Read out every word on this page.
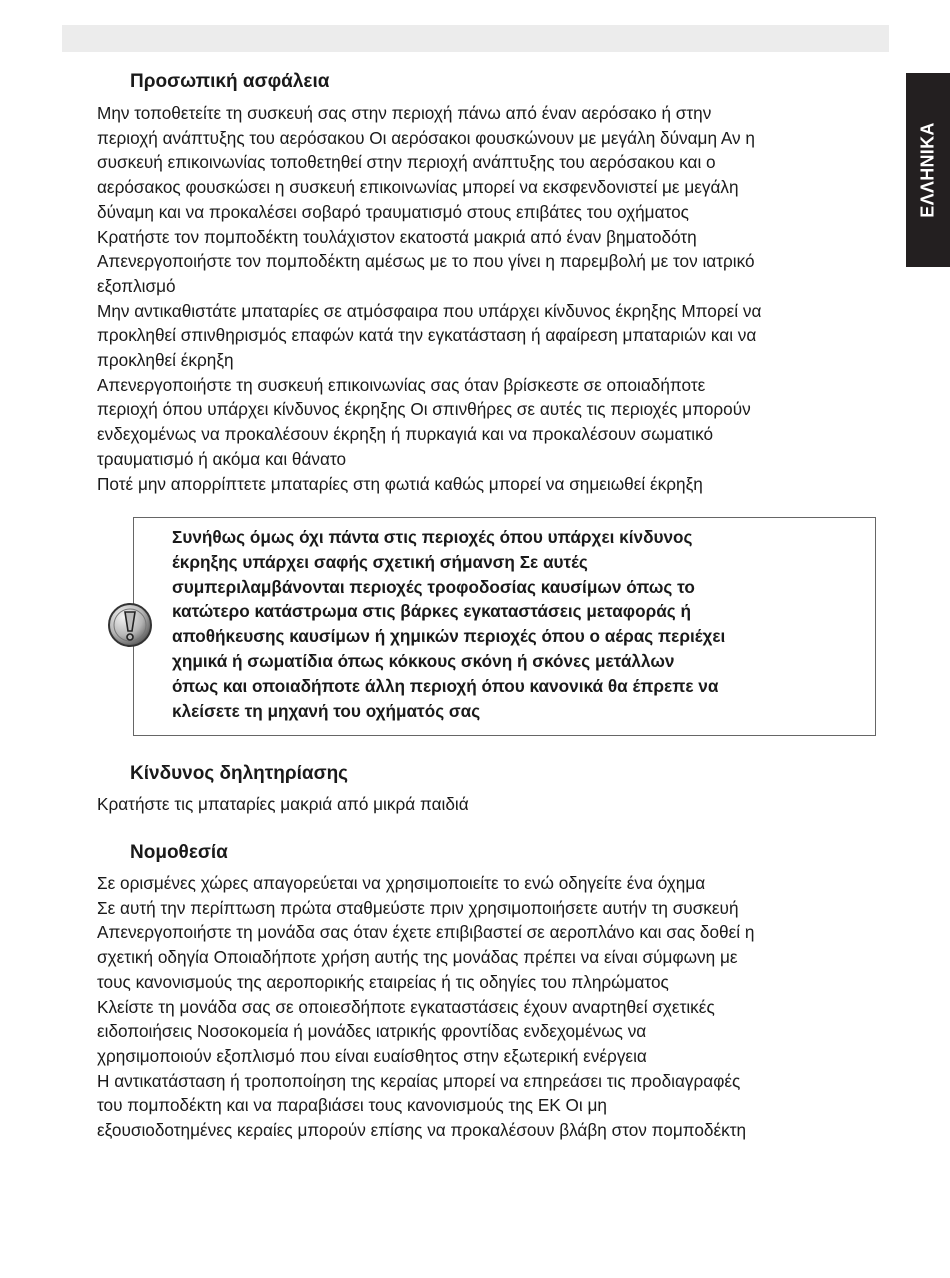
ΕΛΛΗΝΙΚΑ
Προσωπική ασφάλεια
Μην τοποθετείτε τη συσκευή σας στην περιοχή πάνω από έναν αερόσακο ή στην
περιοχή ανάπτυξης του αερόσακου Οι αερόσακοι φουσκώνουν με μεγάλη δύναμη Αν η
συσκευή επικοινωνίας τοποθετηθεί στην περιοχή ανάπτυξης του αερόσακου και ο
αερόσακος φουσκώσει η συσκευή επικοινωνίας μπορεί να εκσφενδονιστεί με μεγάλη
δύναμη και να προκαλέσει σοβαρό τραυματισμό στους επιβάτες του οχήματος
Κρατήστε τον πομποδέκτη τουλάχιστον εκατοστά μακριά από έναν βηματοδότη
Απενεργοποιήστε τον πομποδέκτη αμέσως με το που γίνει η παρεμβολή με τον ιατρικό
εξοπλισμό
Μην αντικαθιστάτε μπαταρίες σε ατμόσφαιρα που υπάρχει κίνδυνος έκρηξης Μπορεί να
προκληθεί σπινθηρισμός επαφών κατά την εγκατάσταση ή αφαίρεση μπαταριών και να
προκληθεί έκρηξη
Απενεργοποιήστε τη συσκευή επικοινωνίας σας όταν βρίσκεστε σε οποιαδήποτε
περιοχή όπου υπάρχει κίνδυνος έκρηξης Οι σπινθήρες σε αυτές τις περιοχές μπορούν
ενδεχομένως να προκαλέσουν έκρηξη ή πυρκαγιά και να προκαλέσουν σωματικό
τραυματισμό ή ακόμα και θάνατο
Ποτέ μην απορρίπτετε μπαταρίες στη φωτιά καθώς μπορεί να σημειωθεί έκρηξη
Συνήθως όμως όχι πάντα στις περιοχές όπου υπάρχει κίνδυνος
έκρηξης υπάρχει σαφής σχετική σήμανση Σε αυτές
συμπεριλαμβάνονται περιοχές τροφοδοσίας καυσίμων όπως το
κατώτερο κατάστρωμα στις βάρκες εγκαταστάσεις μεταφοράς ή
αποθήκευσης καυσίμων ή χημικών περιοχές όπου ο αέρας περιέχει
χημικά ή σωματίδια όπως κόκκους σκόνη ή σκόνες μετάλλων
όπως και οποιαδήποτε άλλη περιοχή όπου κανονικά θα έπρεπε να
κλείσετε τη μηχανή του οχήματός σας
Κίνδυνος δηλητηρίασης
Κρατήστε τις μπαταρίες μακριά από μικρά παιδιά
Νομοθεσία
Σε ορισμένες χώρες απαγορεύεται να χρησιμοποιείτε το ενώ οδηγείτε ένα όχημα
Σε αυτή την περίπτωση πρώτα σταθμεύστε πριν χρησιμοποιήσετε αυτήν τη συσκευή
Απενεργοποιήστε τη μονάδα σας όταν έχετε επιβιβαστεί σε αεροπλάνο και σας δοθεί η
σχετική οδηγία Οποιαδήποτε χρήση αυτής της μονάδας πρέπει να είναι σύμφωνη με
τους κανονισμούς της αεροπορικής εταιρείας ή τις οδηγίες του πληρώματος
Κλείστε τη μονάδα σας σε οποιεσδήποτε εγκαταστάσεις έχουν αναρτηθεί σχετικές
ειδοποιήσεις Νοσοκομεία ή μονάδες ιατρικής φροντίδας ενδεχομένως να
χρησιμοποιούν εξοπλισμό που είναι ευαίσθητος στην εξωτερική ενέργεια
Η αντικατάσταση ή τροποποίηση της κεραίας μπορεί να επηρεάσει τις προδιαγραφές
του πομποδέκτη και να παραβιάσει τους κανονισμούς της ΕΚ Οι μη
εξουσιοδοτημένες κεραίες μπορούν επίσης να προκαλέσουν βλάβη στον πομποδέκτη
